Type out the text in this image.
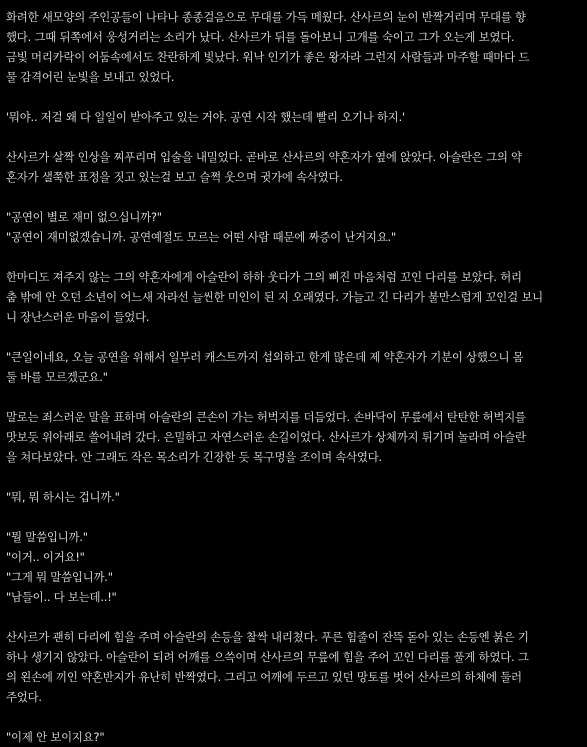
화려한 새모양의 주인공들이 나타나 종종걸음으로 무대를 가득 메웠다. 산사르의 눈이 반짝거리며 무대를 향
했다. 그때 뒤쪽에서 웅성거리는 소리가 났다. 산사르가 뒤를 돌아보니 고개를 숙이고 그가 오는게 보였다.
금빛 머리카락이 어둠속에서도 찬란하게 빛났다. 워낙 인기가 좋은 왕자라 그런지 사람들과 마주할 때마다 드
물 감격어린 눈빛을 보내고 있었다.
'뭐야.. 저걸 왜 다 일일이 받아주고 있는 거야. 공연 시작 했는데 빨리 오기나 하지.'
산사르가 살짝 인상을 찌푸리며 입술을 내밀었다. 곧바로 산사르의 약혼자가 옆에 앉았다. 아슬란은 그의 약
혼자가 샐쭉한 표정을 짓고 있는걸 보고 슬쩍 웃으며 귓가에 속삭였다.
"공연이 별로 재미 없으십니까?"
"공연이 재미없겠습니까. 공연예절도 모르는 어떤 사람 때문에 짜증이 난거지요."
한마디도 져주지 않는 그의 약혼자에게 아슬란이 하하 웃다가 그의 삐진 마음처럼 꼬인 다리를 보았다. 허리
춤 밖에 안 오던 소년이 어느새 자라선 늘씬한 미인이 된 지 오래였다. 가늘고 긴 다리가 불만스럽게 꼬인걸 보니
니 장난스러운 마음이 들었다.
"큰일이네요, 오늘 공연을 위해서 일부러 캐스트까지 섭외하고 한게 많은데 제 약혼자가 기분이 상했으니 몸
둘 바를 모르겠군요."
말로는 죄스러운 말을 표하며 아슬란의 큰손이 가는 허벅지를 더듬었다. 손바닥이 무릎에서 탄탄한 허벅지를
맛보듯 위아래로 쓸어내려 갔다. 은밀하고 자연스러운 손길이었다. 산사르가 상체까지 튀기며 놀라며 아슬란
을 쳐다보았다. 안 그래도 작은 목소리가 긴장한 듯 목구멍을 조이며 속삭였다.
"뭐, 뭐 하시는 겁니까."
"뭘 말씀입니까."
"이거.. 이거요!"
"그게 뭐 말씀입니까."
"남들이.. 다 보는데..!"
산사르가 괜히 다리에 힘을 주며 아슬란의 손등을 찰싹 내리쳤다. 푸른 힘줄이 잔뜩 돋아 있는 손등엔 붉은 기
하나 생기지 않았다. 아슬란이 되려 어깨를 으쓱이며 산사르의 무릎에 힘을 주어 꼬인 다리를 풀게 하였다. 그
의 왼손에 끼인 약혼반지가 유난히 반짝였다. 그리고 어깨에 두르고 있던 망토를 벗어 산사르의 하체에 둘러
주었다.
"이제 안 보이지요?"
